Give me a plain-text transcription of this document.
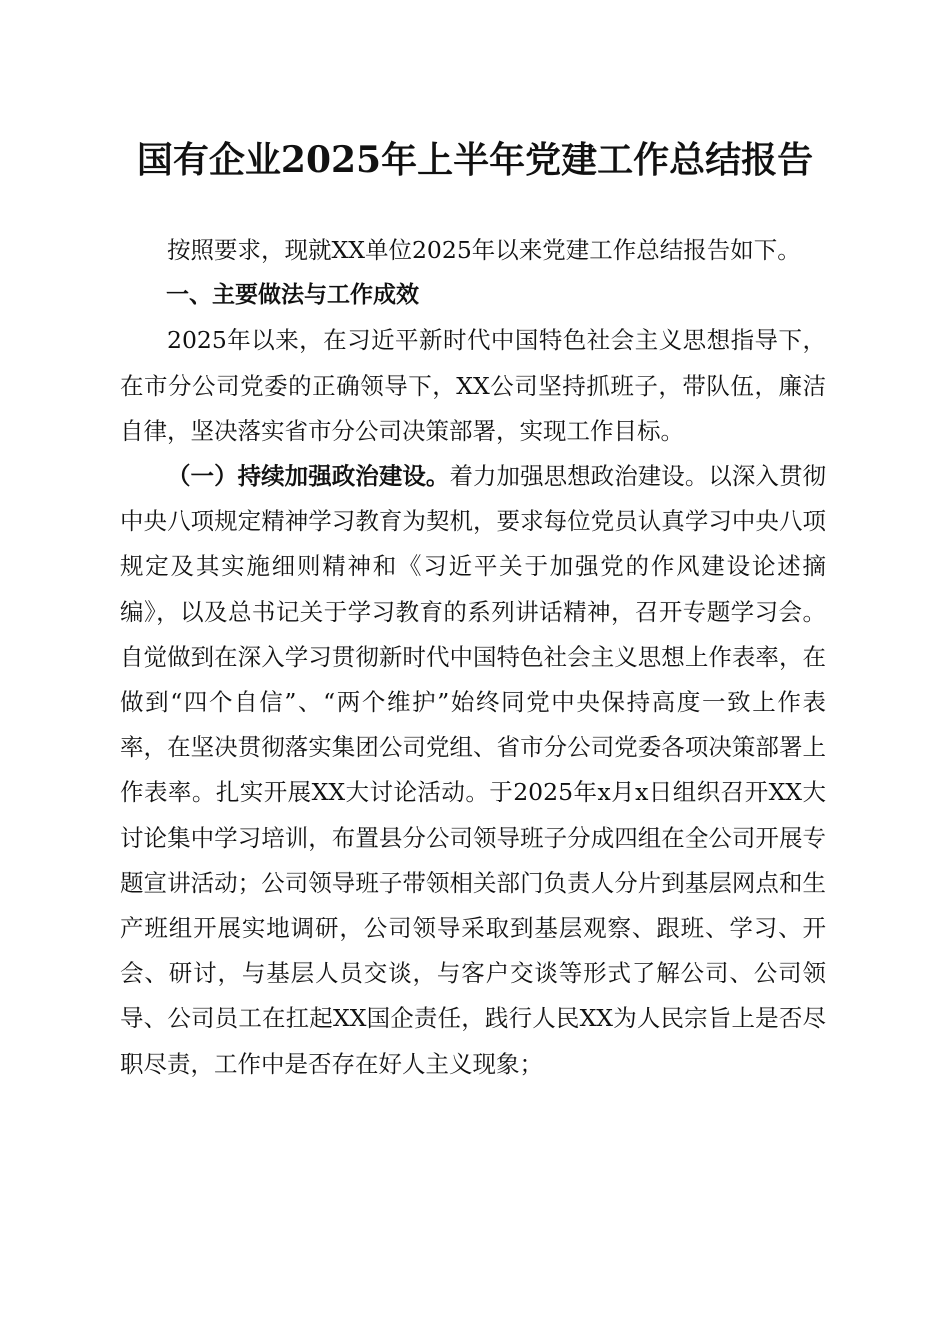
国有企业2025年上半年党建工作总结报告

按照要求，现就XX单位2025年以来党建工作总结报告如下。

一、主要做法与工作成效

2025年以来，在习近平新时代中国特色社会主义思想指导下，在市分公司党委的正确领导下，XX公司坚持抓班子，带队伍，廉洁自律，坚决落实省市分公司决策部署，实现工作目标。

（一）持续加强政治建设。着力加强思想政治建设。以深入贯彻中央八项规定精神学习教育为契机，要求每位党员认真学习中央八项规定及其实施细则精神和《习近平关于加强党的作风建设论述摘编》，以及总书记关于学习教育的系列讲话精神，召开专题学习会。自觉做到在深入学习贯彻新时代中国特色社会主义思想上作表率，在做到“四个自信”、“两个维护”始终同党中央保持高度一致上作表率，在坚决贯彻落实集团公司党组、省市分公司党委各项决策部署上作表率。扎实开展XX大讨论活动。于2025年x月x日组织召开XX大讨论集中学习培训，布置县分公司领导班子分成四组在全公司开展专题宣讲活动；公司领导班子带领相关部门负责人分片到基层网点和生产班组开展实地调研，公司领导采取到基层观察、跟班、学习、开会、研讨，与基层人员交谈，与客户交谈等形式了解公司、公司领导、公司员工在扛起XX国企责任，践行人民XX为人民宗旨上是否尽职尽责，工作中是否存在好人主义现象；
